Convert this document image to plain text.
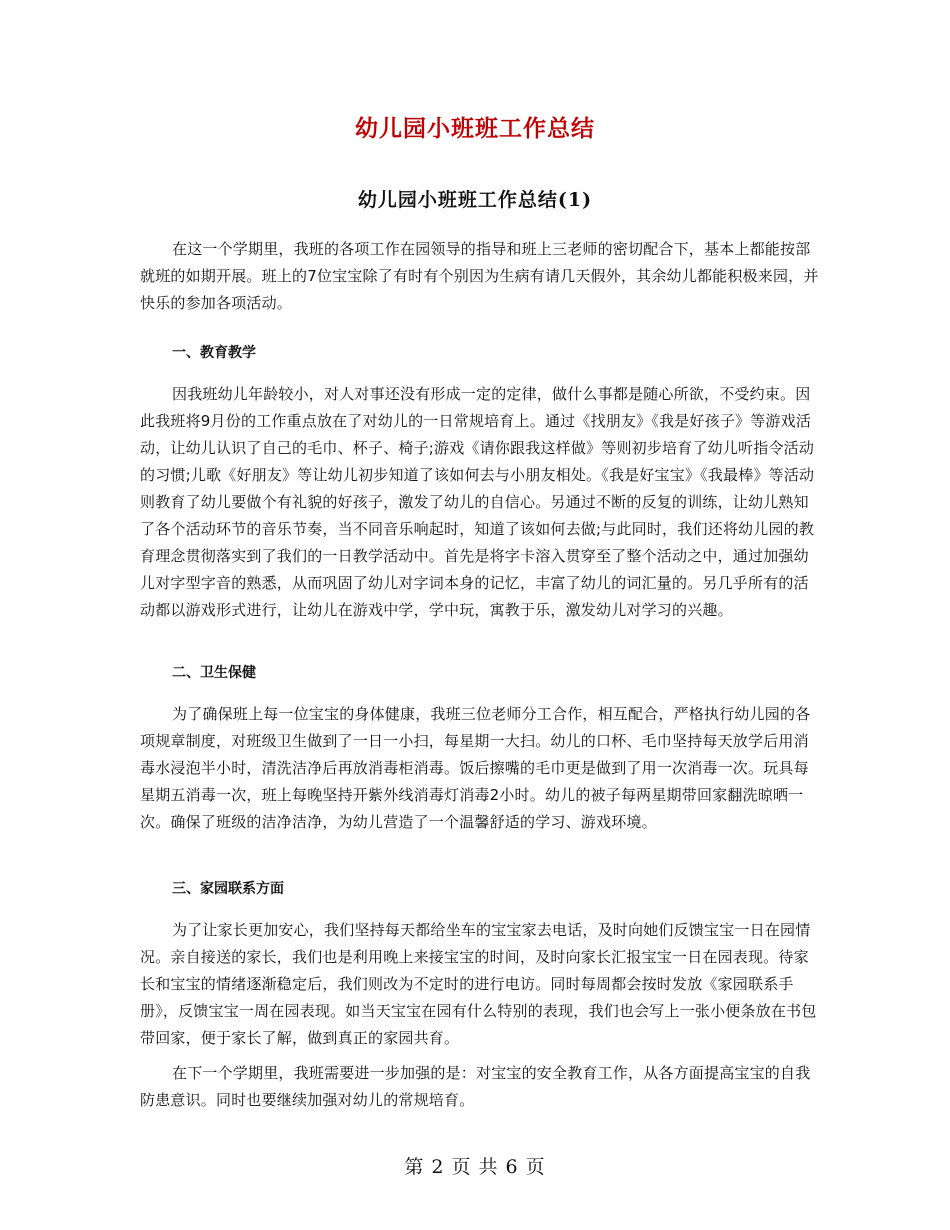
幼儿园小班班工作总结
幼儿园小班班工作总结(1)

在这一个学期里，我班的各项工作在园领导的指导和班上三老师的密切配合下，基本上都能按部就班的如期开展。班上的7位宝宝除了有时有个别因为生病有请几天假外，其余幼儿都能积极来园，并快乐的参加各项活动。

一、教育教学

因我班幼儿年龄较小，对人对事还没有形成一定的定律，做什么事都是随心所欲，不受约束。因此我班将9月份的工作重点放在了对幼儿的一日常规培育上。通过《找朋友》《我是好孩子》等游戏活动，让幼儿认识了自己的毛巾、杯子、椅子;游戏《请你跟我这样做》等则初步培育了幼儿听指令活动的习惯;儿歌《好朋友》等让幼儿初步知道了该如何去与小朋友相处。《我是好宝宝》《我最棒》等活动则教育了幼儿要做个有礼貌的好孩子，激发了幼儿的自信心。另通过不断的反复的训练，让幼儿熟知了各个活动环节的音乐节奏，当不同音乐响起时，知道了该如何去做;与此同时，我们还将幼儿园的教育理念贯彻落实到了我们的一日教学活动中。首先是将字卡溶入贯穿至了整个活动之中，通过加强幼儿对字型字音的熟悉，从而巩固了幼儿对字词本身的记忆，丰富了幼儿的词汇量的。另几乎所有的活动都以游戏形式进行，让幼儿在游戏中学，学中玩，寓教于乐，激发幼儿对学习的兴趣。

二、卫生保健

为了确保班上每一位宝宝的身体健康，我班三位老师分工合作，相互配合，严格执行幼儿园的各项规章制度，对班级卫生做到了一日一小扫，每星期一大扫。幼儿的口杯、毛巾坚持每天放学后用消毒水浸泡半小时，清洗洁净后再放消毒柜消毒。饭后擦嘴的毛巾更是做到了用一次消毒一次。玩具每星期五消毒一次，班上每晚坚持开紫外线消毒灯消毒2小时。幼儿的被子每两星期带回家翻洗晾晒一次。确保了班级的洁净洁净，为幼儿营造了一个温馨舒适的学习、游戏环境。

三、家园联系方面

为了让家长更加安心，我们坚持每天都给坐车的宝宝家去电话，及时向她们反馈宝宝一日在园情况。亲自接送的家长，我们也是利用晚上来接宝宝的时间，及时向家长汇报宝宝一日在园表现。待家长和宝宝的情绪逐渐稳定后，我们则改为不定时的进行电访。同时每周都会按时发放《家园联系手册》，反馈宝宝一周在园表现。如当天宝宝在园有什么特别的表现，我们也会写上一张小便条放在书包带回家，便于家长了解，做到真正的家园共育。

在下一个学期里，我班需要进一步加强的是：对宝宝的安全教育工作，从各方面提高宝宝的自我防患意识。同时也要继续加强对幼儿的常规培育。

第 2 页 共 6 页
